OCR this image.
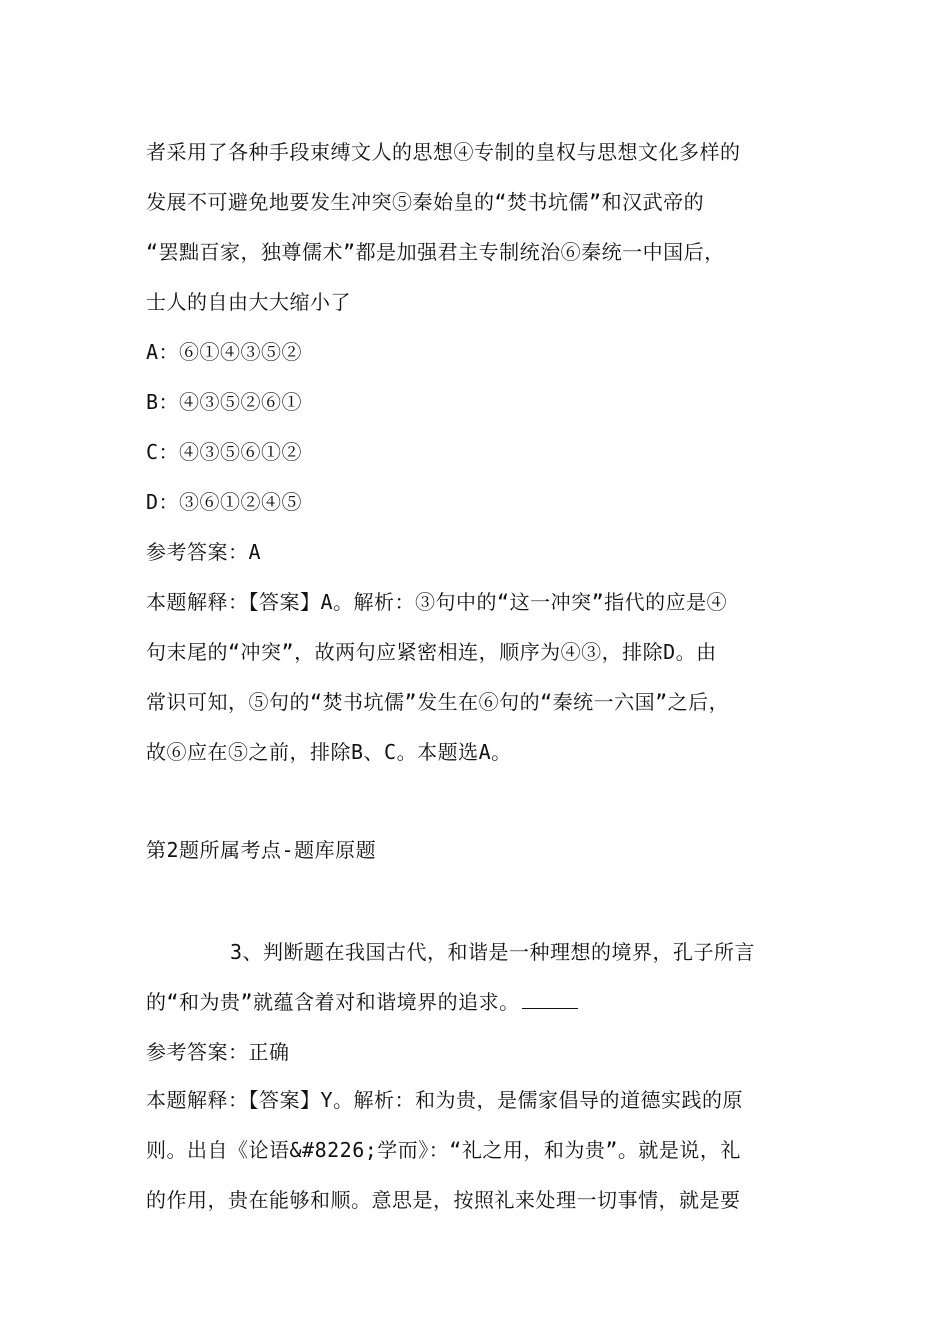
者采用了各种手段束缚文人的思想④专制的皇权与思想文化多样的
发展不可避免地要发生冲突⑤秦始皇的“焚书坑儒”和汉武帝的
“罢黜百家，独尊儒术”都是加强君主专制统治⑥秦统一中国后，
士人的自由大大缩小了
A：⑥①④③⑤②
B：④③⑤②⑥①
C：④③⑤⑥①②
D：③⑥①②④⑤
参考答案：A
本题解释：【答案】A。解析：③句中的“这一冲突”指代的应是④
句末尾的“冲突”，故两句应紧密相连，顺序为④③，排除D。由
常识可知，⑤句的“焚书坑儒”发生在⑥句的“秦统一六国”之后，
故⑥应在⑤之前，排除B、C。本题选A。
第2题所属考点-题库原题
3、判断题在我国古代，和谐是一种理想的境界，孔子所言
的“和为贵”就蕴含着对和谐境界的追求。
参考答案：正确
本题解释：【答案】Y。解析：和为贵，是儒家倡导的道德实践的原
则。出自《论语&#8226;学而》：“礼之用，和为贵”。就是说，礼
的作用，贵在能够和顺。意思是，按照礼来处理一切事情，就是要
